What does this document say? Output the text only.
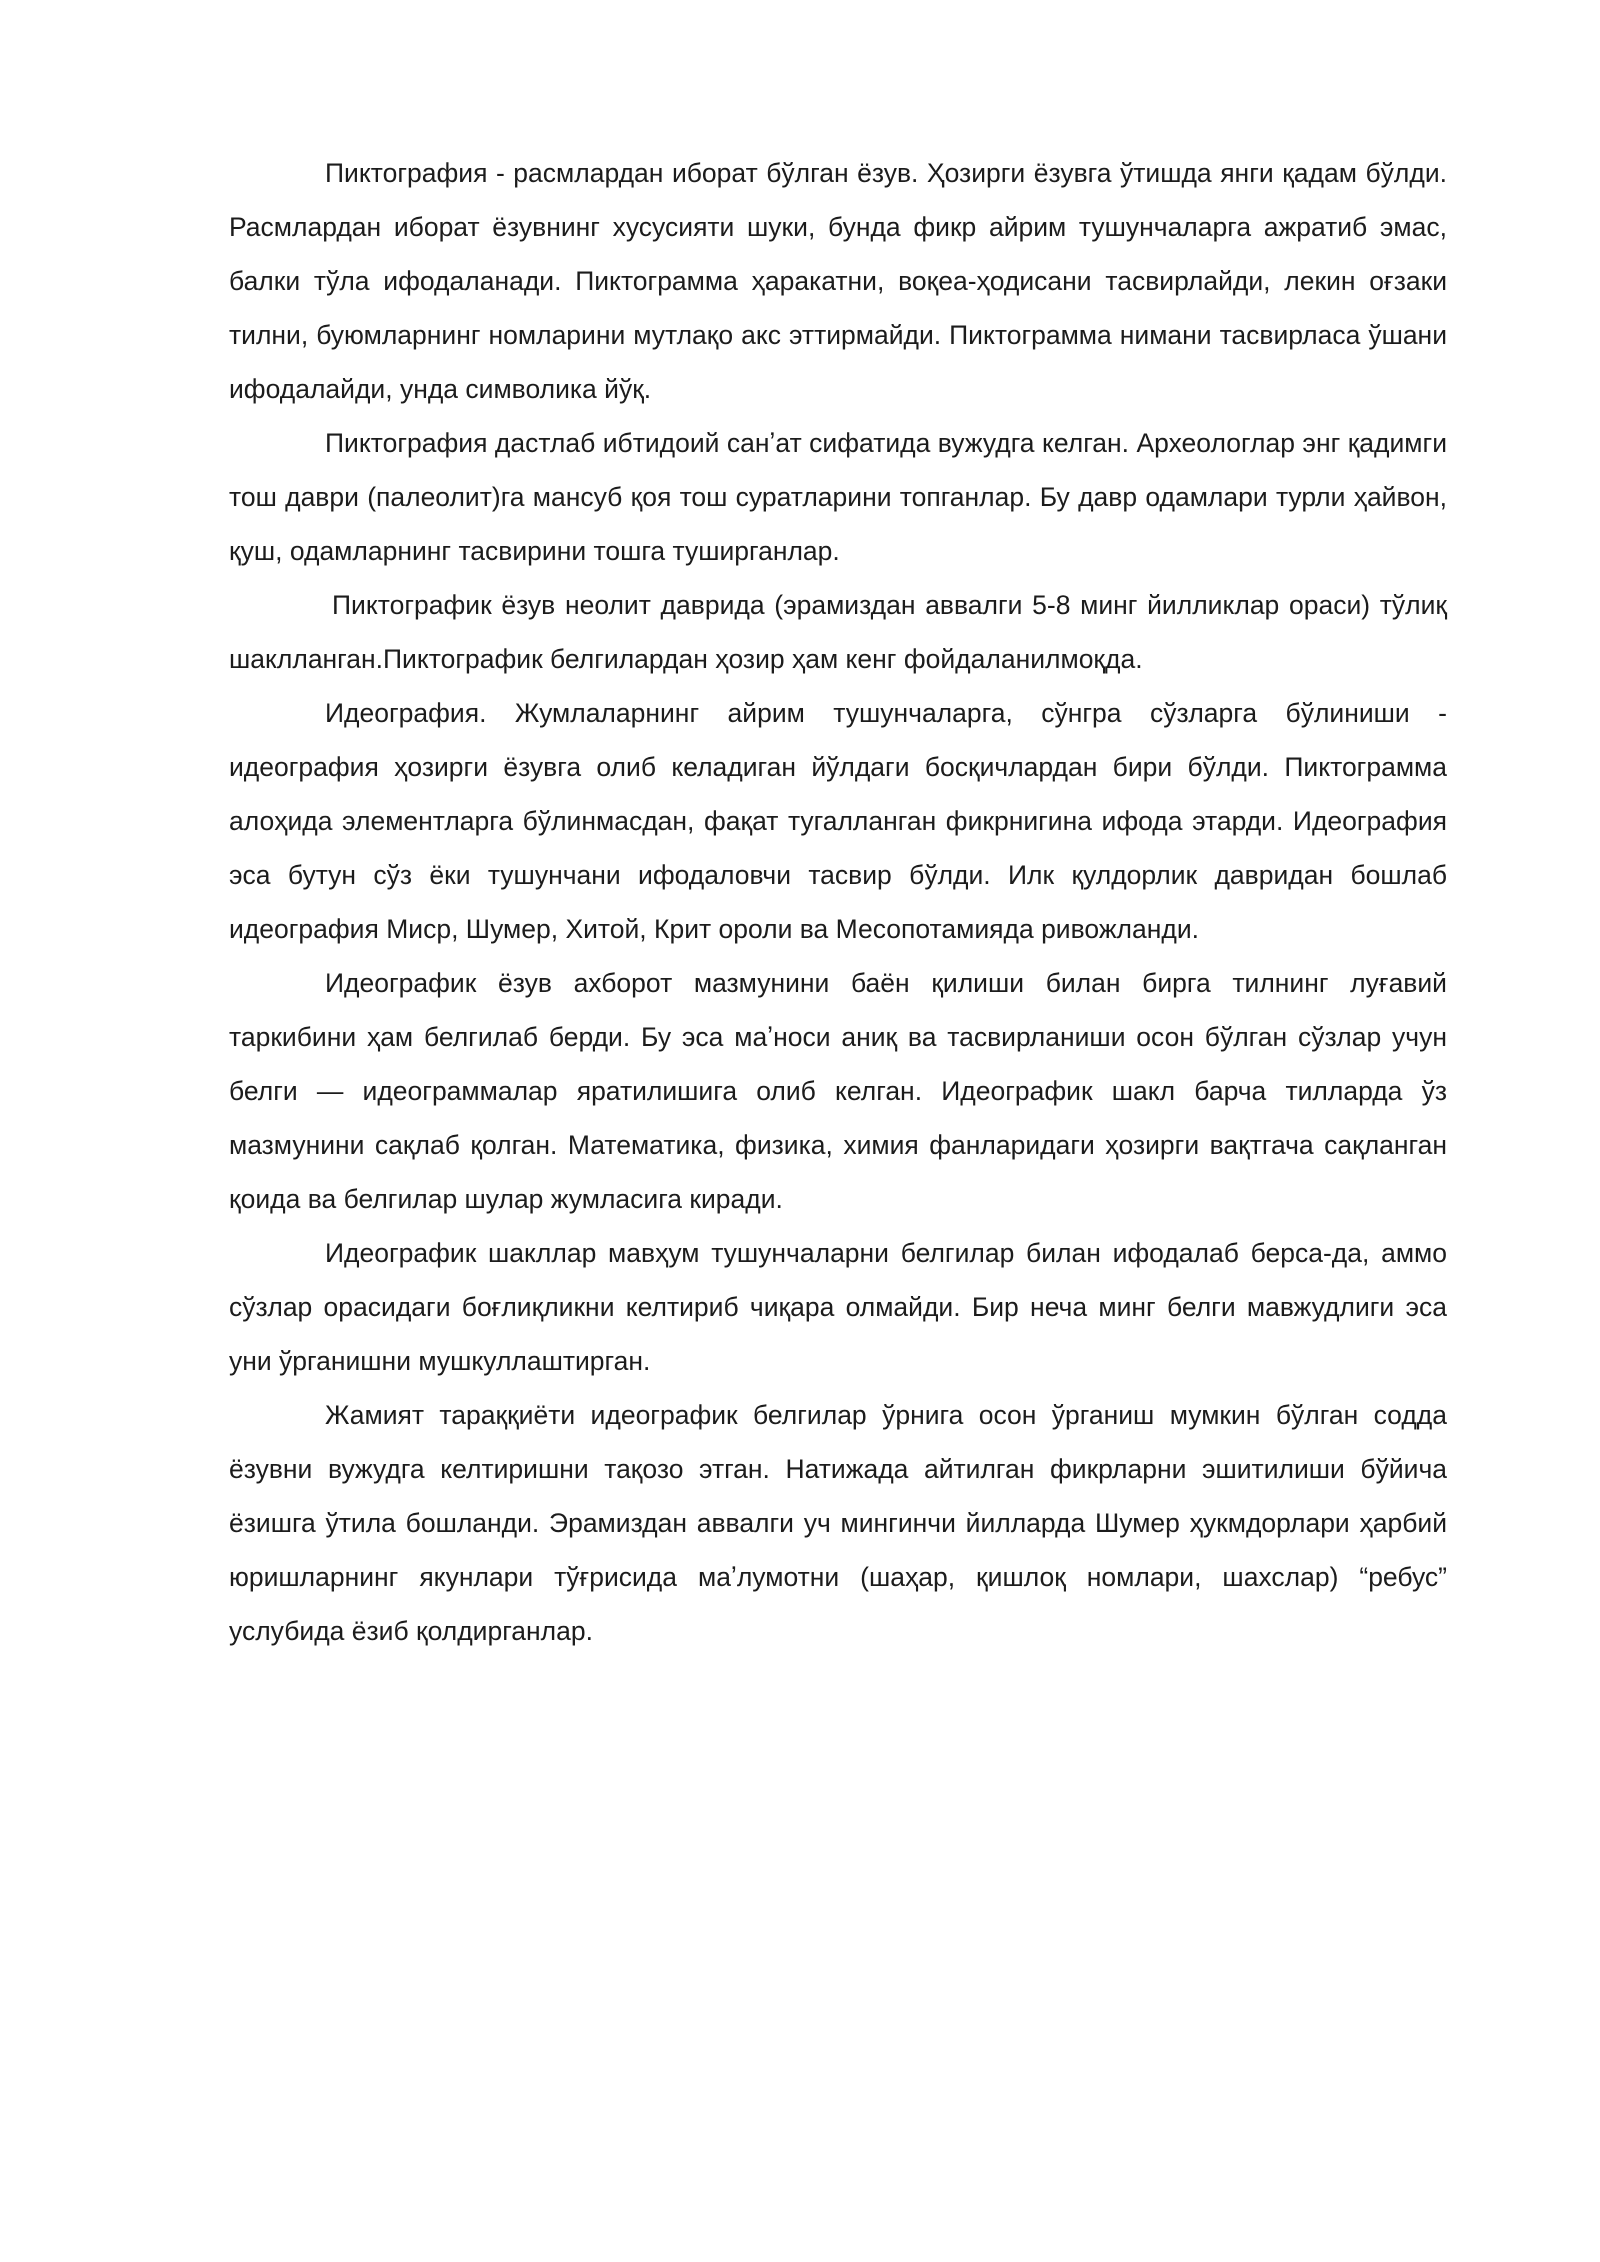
Пиктография - расмлардан иборат бўлган ёзув. Ҳозирги ёзувга ўтишда янги қадам бўлди. Расмлардан иборат ёзувнинг хусусияти шуки, бунда фикр айрим тушунчаларга ажратиб эмас, балки тўла ифодаланади. Пиктограмма ҳаракатни, воқеа-ҳодисани тасвирлайди, лекин оғзаки тилни, буюмларнинг номларини мутлақо акс эттирмайди. Пиктограмма нимани тасвирласа ўшани ифодалайди, унда символика йўқ.

Пиктография дастлаб ибтидоий санʼат сифатида вужудга келган. Археологлар энг қадимги тош даври (палеолит)га мансуб қоя тош суратларини топганлар. Бу давр одамлари турли ҳайвон, қуш, одамларнинг тасвирини тошга туширганлар.

Пиктографик ёзув неолит даврида (эрамиздан аввалги 5-8 минг йилликлар ораси) тўлиқ шаклланган.Пиктографик белгилардан ҳозир ҳам кенг фойдаланилмоқда.

Идеография. Жумлаларнинг айрим тушунчаларга, сўнгра сўзларга бўлиниши - идеография ҳозирги ёзувга олиб келадиган йўлдаги босқичлардан бири бўлди. Пиктограмма алоҳида элементларга бўлинмасдан, фақат тугалланган фикрнигина ифода этарди. Идеография эса бутун сўз ёки тушунчани ифодаловчи тасвир бўлди. Илк қулдорлик давридан бошлаб идеография Миср, Шумер, Хитой, Крит ороли ва Месопотамияда ривожланди.

Идеографик ёзув ахборот мазмунини баён қилиши билан бирга тилнинг луғавий таркибини ҳам белгилаб берди. Бу эса маʼноси аниқ ва тасвирланиши осон бўлган сўзлар учун белги — идеограммалар яратилишига олиб келган. Идеографик шакл барча тилларда ўз мазмунини сақлаб қолган. Математика, физика, химия фанларидаги ҳозирги вақтгача сақланган қоида ва белгилар шулар жумласига киради.

Идеографик шакллар мавҳум тушунчаларни белгилар билан ифодалаб берса-да, аммо сўзлар орасидаги боғлиқликни келтириб чиқара олмайди. Бир неча минг белги мавжудлиги эса уни ўрганишни мушкуллаштирган.

Жамият тараққиёти идеографик белгилар ўрнига осон ўрганиш мумкин бўлган содда ёзувни вужудга келтиришни тақозо этган. Натижада айтилган фикрларни эшитилиши бўйича ёзишга ўтила бошланди. Эрамиздан аввалги уч мингинчи йилларда Шумер ҳукмдорлари ҳарбий юришларнинг якунлари тўғрисида маʼлумотни (шаҳар, қишлоқ номлари, шахслар) “ребус” услубида ёзиб қолдирганлар.
